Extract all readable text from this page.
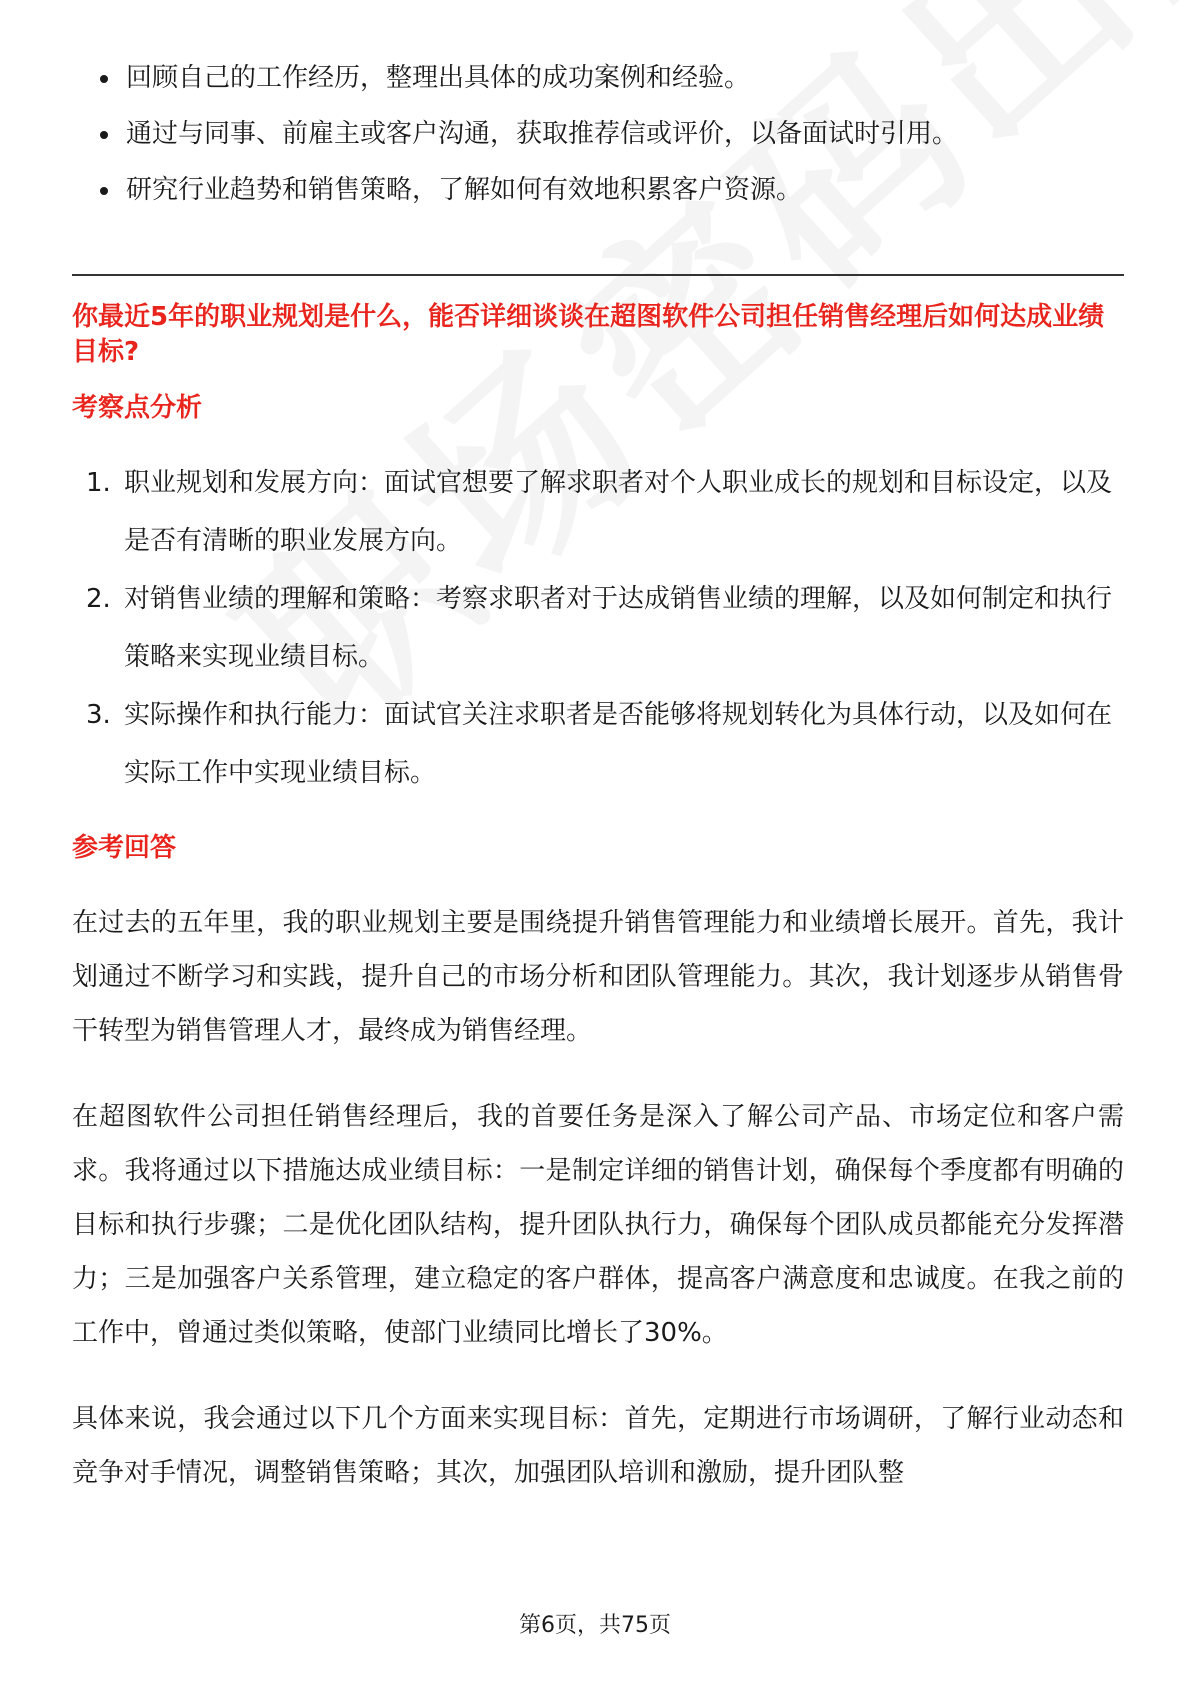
回顾自己的工作经历，整理出具体的成功案例和经验。
通过与同事、前雇主或客户沟通，获取推荐信或评价，以备面试时引用。
研究行业趋势和销售策略，了解如何有效地积累客户资源。
你最近5年的职业规划是什么，能否详细谈谈在超图软件公司担任销售经理后如何达成业绩目标?
考察点分析
1. 职业规划和发展方向：面试官想要了解求职者对个人职业成长的规划和目标设定，以及是否有清晰的职业发展方向。
2. 对销售业绩的理解和策略：考察求职者对于达成销售业绩的理解，以及如何制定和执行策略来实现业绩目标。
3. 实际操作和执行能力：面试官关注求职者是否能够将规划转化为具体行动，以及如何在实际工作中实现业绩目标。
参考回答

在过去的五年里，我的职业规划主要是围绕提升销售管理能力和业绩增长展开。首先，我计划通过不断学习和实践，提升自己的市场分析和团队管理能力。其次，我计划逐步从销售骨干转型为销售管理人才，最终成为销售经理。

在超图软件公司担任销售经理后，我的首要任务是深入了解公司产品、市场定位和客户需求。我将通过以下措施达成业绩目标：一是制定详细的销售计划，确保每个季度都有明确的目标和执行步骤；二是优化团队结构，提升团队执行力，确保每个团队成员都能充分发挥潜力；三是加强客户关系管理，建立稳定的客户群体，提高客户满意度和忠诚度。在我之前的工作中，曾通过类似策略，使部门业绩同比增长了30%。

具体来说，我会通过以下几个方面来实现目标：首先，定期进行市场调研，了解行业动态和竞争对手情况，调整销售策略；其次，加强团队培训和激励，提升团队整

第6页，共75页
